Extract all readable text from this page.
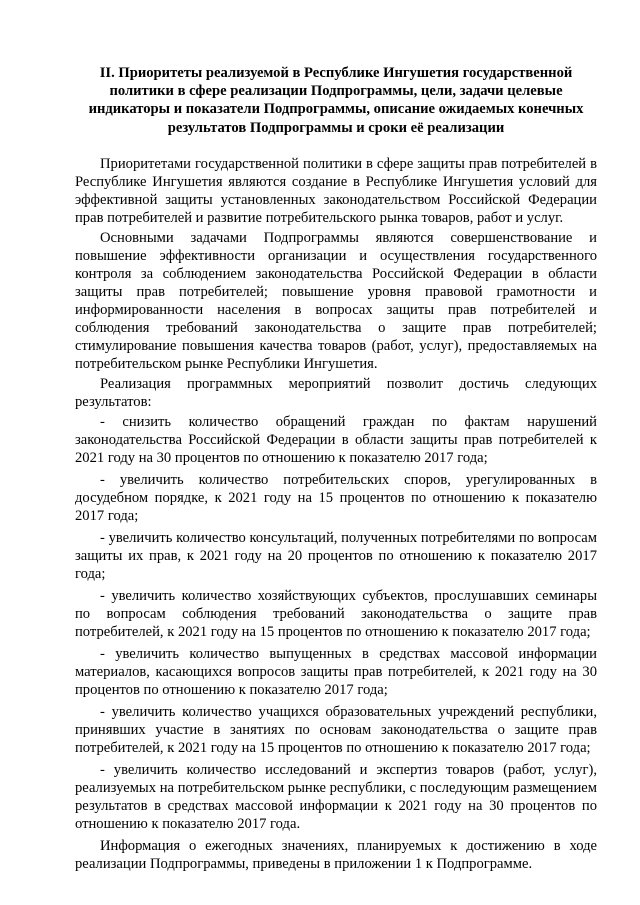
II. Приоритеты реализуемой в Республике Ингушетия государственной
политики в сфере реализации Подпрограммы, цели, задачи целевые
индикаторы и показатели Подпрограммы, описание ожидаемых конечных
результатов Подпрограммы и сроки её реализации

Приоритетами государственной политики в сфере защиты прав потребителей в Республике Ингушетия являются создание в Республике Ингушетия условий для эффективной защиты установленных законодательством Российской Федерации прав потребителей и развитие потребительского рынка товаров, работ и услуг.

Основными задачами Подпрограммы являются совершенствование и повышение эффективности организации и осуществления государственного контроля за соблюдением законодательства Российской Федерации в области защиты прав потребителей; повышение уровня правовой грамотности и информированности населения в вопросах защиты прав потребителей и соблюдения требований законодательства о защите прав потребителей; стимулирование повышения качества товаров (работ, услуг), предоставляемых на потребительском рынке Республики Ингушетия.

Реализация программных мероприятий позволит достичь следующих результатов:

- снизить количество обращений граждан по фактам нарушений законодательства Российской Федерации в области защиты прав потребителей к 2021 году на 30 процентов по отношению к показателю 2017 года;

- увеличить количество потребительских споров, урегулированных в досудебном порядке, к 2021 году на 15 процентов по отношению к показателю 2017 года;

- увеличить количество консультаций, полученных потребителями по вопросам защиты их прав, к 2021 году на 20 процентов по отношению к показателю 2017 года;

- увеличить количество хозяйствующих субъектов, прослушавших семинары по вопросам соблюдения требований законодательства о защите прав потребителей, к 2021 году на 15 процентов по отношению к показателю 2017 года;

- увеличить количество выпущенных в средствах массовой информации материалов, касающихся вопросов защиты прав потребителей, к 2021 году на 30 процентов по отношению к показателю 2017 года;

- увеличить количество учащихся образовательных учреждений республики, принявших участие в занятиях по основам законодательства о защите прав потребителей, к 2021 году на 15 процентов по отношению к показателю 2017 года;

- увеличить количество исследований и экспертиз товаров (работ, услуг), реализуемых на потребительском рынке республики, с последующим размещением результатов в средствах массовой информации к 2021 году на 30 процентов по отношению к показателю 2017 года.

Информация о ежегодных значениях, планируемых к достижению в ходе реализации Подпрограммы, приведены в приложении 1 к Подпрограмме.
